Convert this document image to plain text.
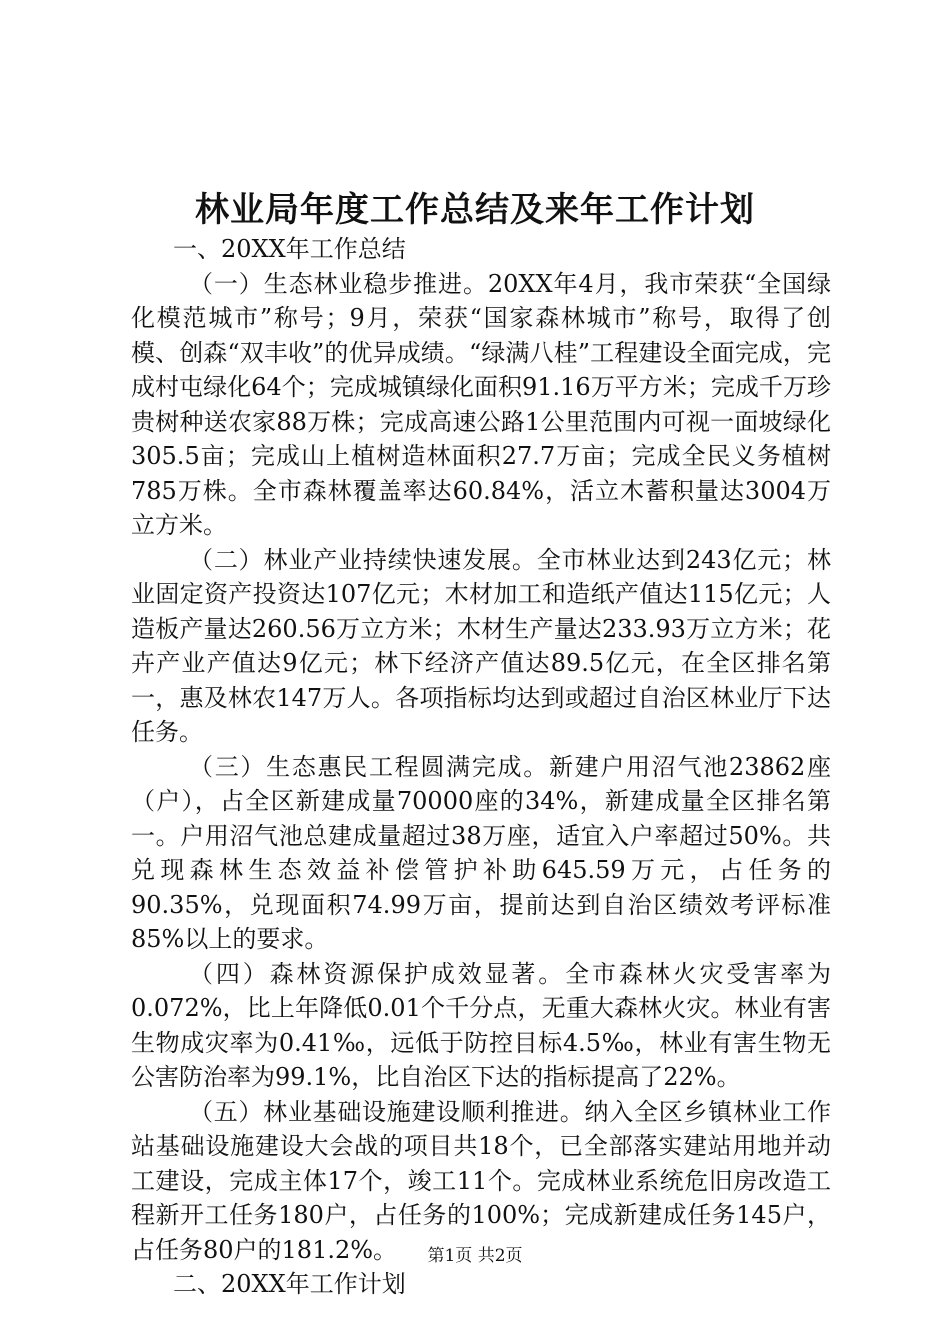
林业局年度工作总结及来年工作计划

一、20XX年工作总结

（一）生态林业稳步推进。20XX年4月，我市荣获“全国绿化模范城市”称号；9月，荣获“国家森林城市”称号，取得了创模、创森“双丰收”的优异成绩。“绿满八桂”工程建设全面完成，完成村屯绿化64个；完成城镇绿化面积91.16万平方米；完成千万珍贵树种送农家88万株；完成高速公路1公里范围内可视一面坡绿化305.5亩；完成山上植树造林面积27.7万亩；完成全民义务植树785万株。全市森林覆盖率达60.84%，活立木蓄积量达3004万立方米。

（二）林业产业持续快速发展。全市林业达到243亿元；林业固定资产投资达107亿元；木材加工和造纸产值达115亿元；人造板产量达260.56万立方米；木材生产量达233.93万立方米；花卉产业产值达9亿元；林下经济产值达89.5亿元，在全区排名第一，惠及林农147万人。各项指标均达到或超过自治区林业厅下达任务。

（三）生态惠民工程圆满完成。新建户用沼气池23862座（户），占全区新建成量70000座的34%，新建成量全区排名第一。户用沼气池总建成量超过38万座，适宜入户率超过50%。共兑现森林生态效益补偿管护补助645.59万元，占任务的90.35%，兑现面积74.99万亩，提前达到自治区绩效考评标准85%以上的要求。

（四）森林资源保护成效显著。全市森林火灾受害率为0.072%，比上年降低0.01个千分点，无重大森林火灾。林业有害生物成灾率为0.41‰，远低于防控目标4.5‰，林业有害生物无公害防治率为99.1%，比自治区下达的指标提高了22%。

（五）林业基础设施建设顺利推进。纳入全区乡镇林业工作站基础设施建设大会战的项目共18个，已全部落实建站用地并动工建设，完成主体17个，竣工11个。完成林业系统危旧房改造工程新开工任务180户，占任务的100%；完成新建成任务145户，占任务80户的181.2%。

二、20XX年工作计划

第1页 共2页
